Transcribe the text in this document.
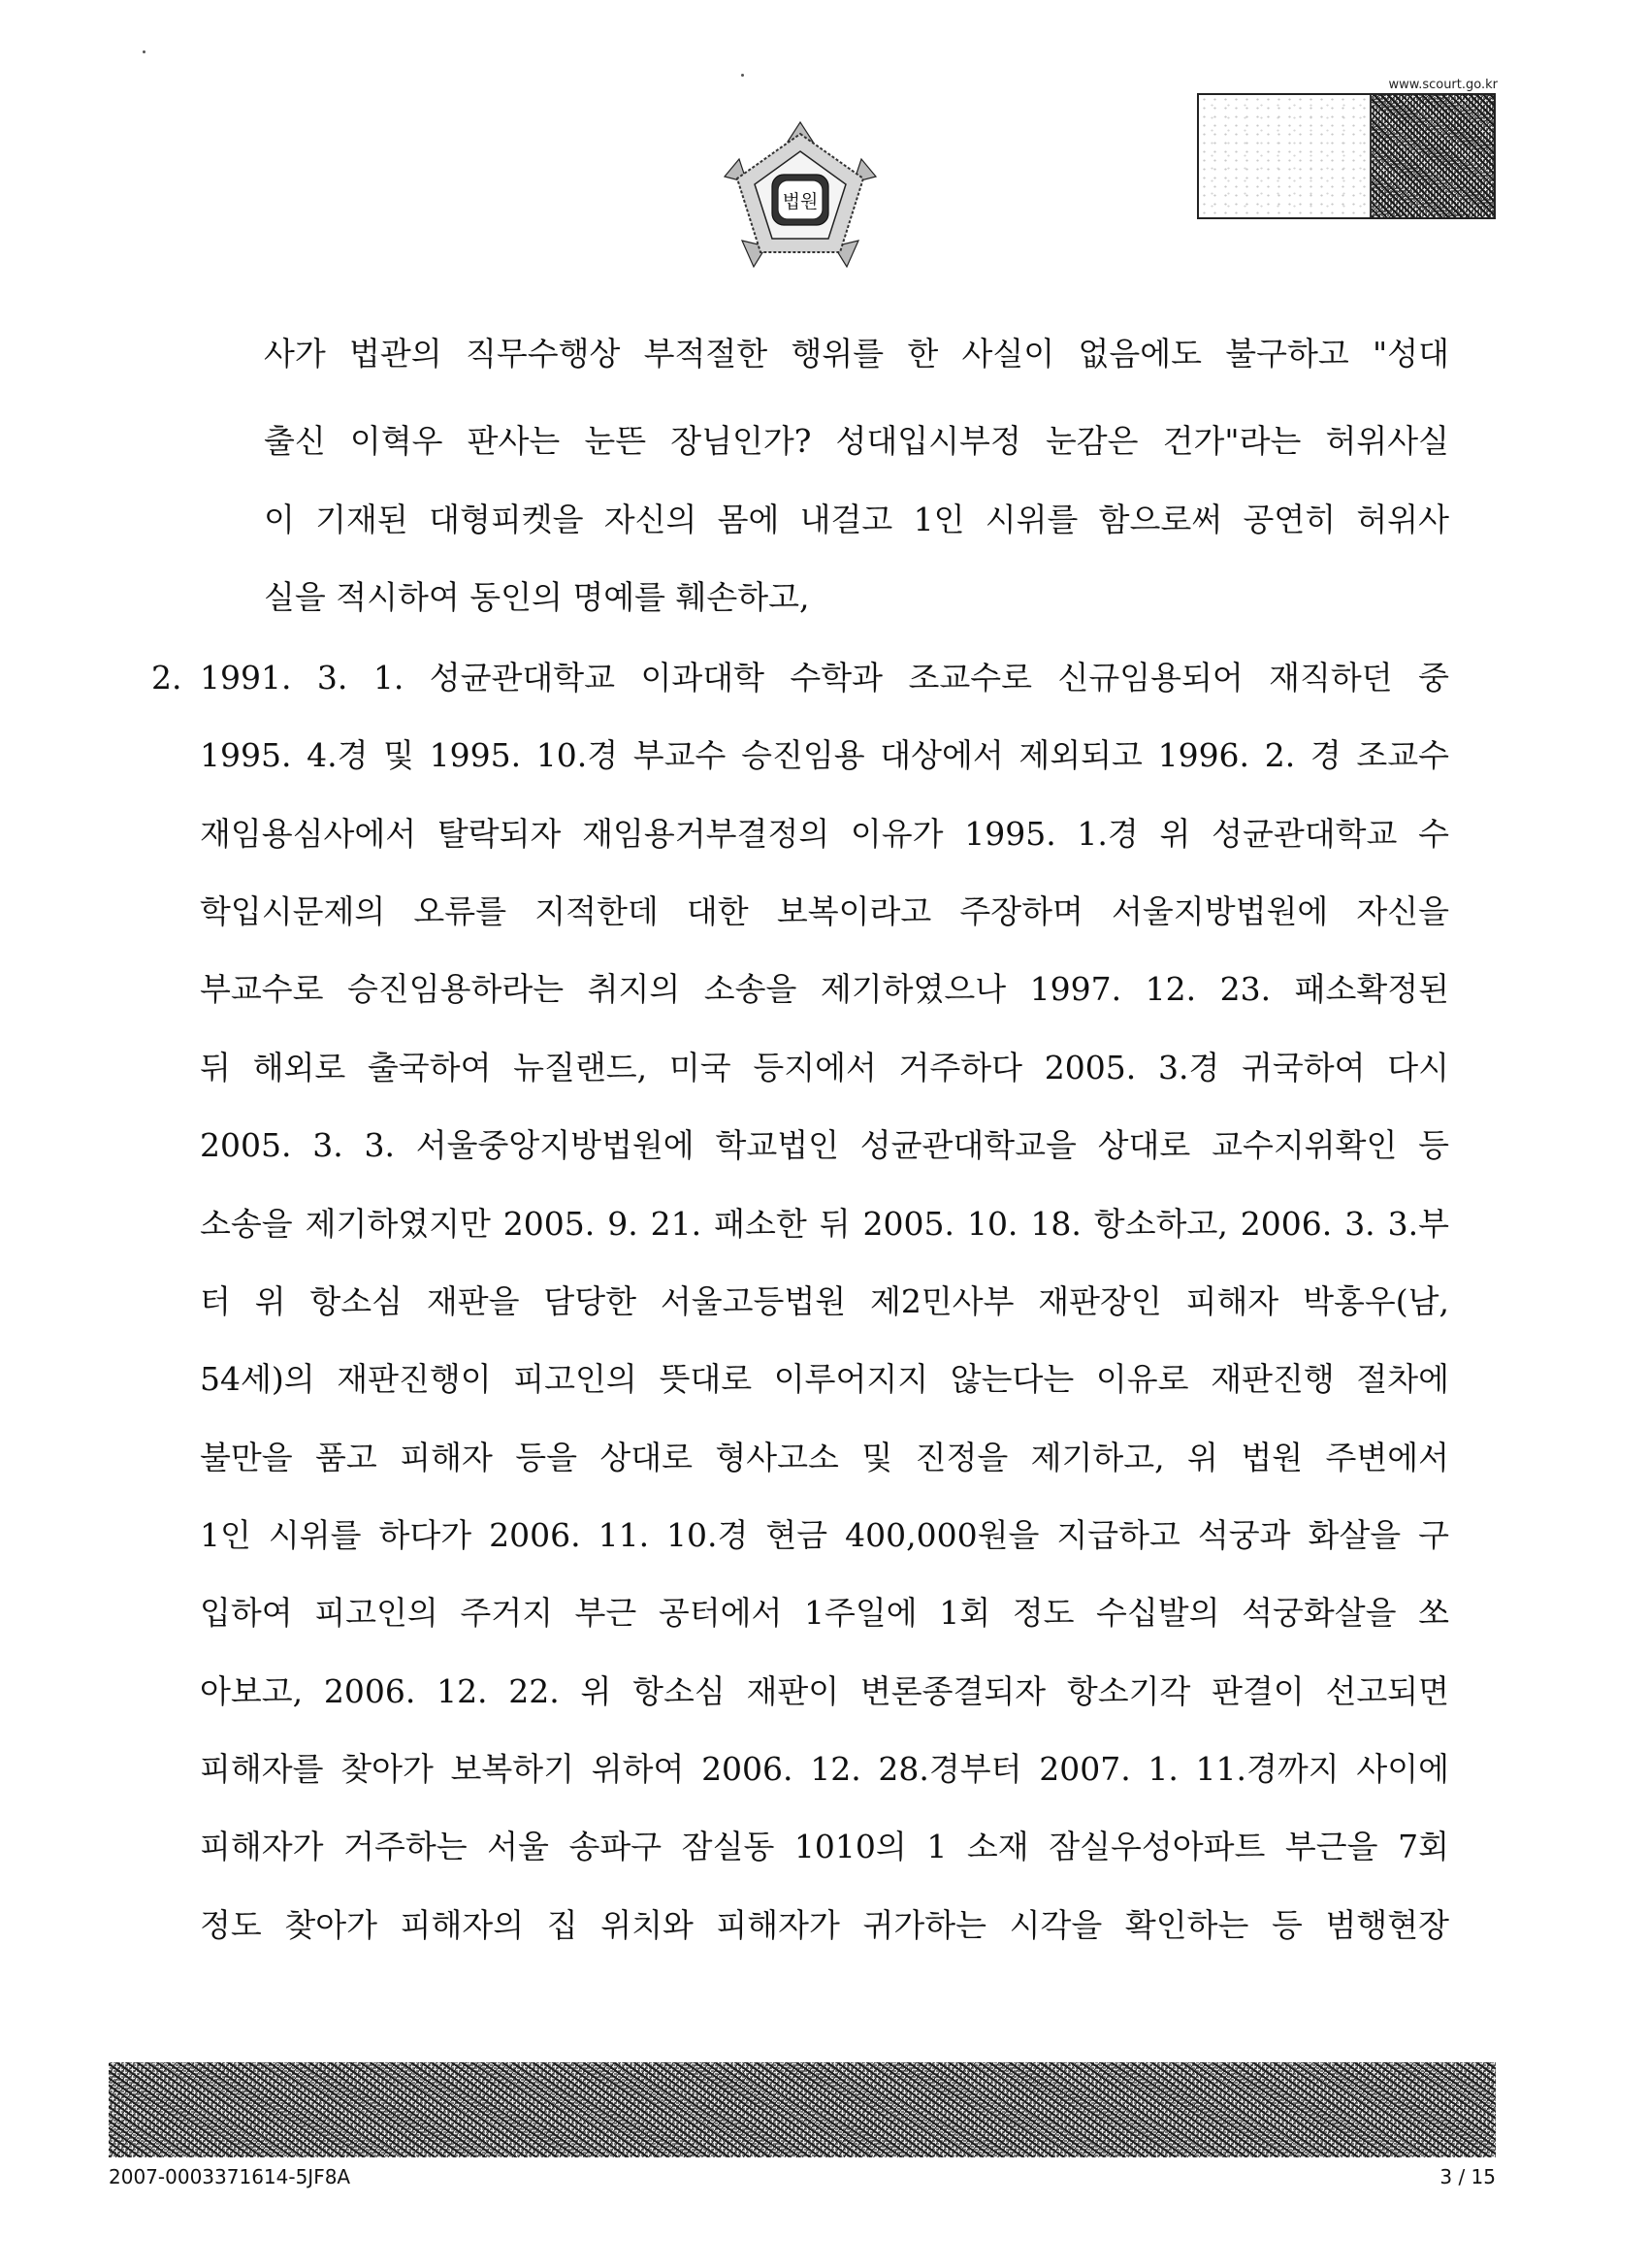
법원
www.scourt.go.kr
사가 법관의 직무수행상 부적절한 행위를 한 사실이 없음에도 불구하고 "성대
출신 이혁우 판사는 눈뜬 장님인가? 성대입시부정 눈감은 건가"라는 허위사실
이 기재된 대형피켓을 자신의 몸에 내걸고 1인 시위를 함으로써 공연히 허위사
실을 적시하여 동인의 명예를 훼손하고,
2. 1991. 3. 1. 성균관대학교 이과대학 수학과 조교수로 신규임용되어 재직하던 중
1995. 4.경 및 1995. 10.경 부교수 승진임용 대상에서 제외되고 1996. 2. 경 조교수
재임용심사에서 탈락되자 재임용거부결정의 이유가 1995. 1.경 위 성균관대학교 수
학입시문제의 오류를 지적한데 대한 보복이라고 주장하며 서울지방법원에 자신을
부교수로 승진임용하라는 취지의 소송을 제기하였으나 1997. 12. 23. 패소확정된
뒤 해외로 출국하여 뉴질랜드, 미국 등지에서 거주하다 2005. 3.경 귀국하여 다시
2005. 3. 3. 서울중앙지방법원에 학교법인 성균관대학교을 상대로 교수지위확인 등
소송을 제기하였지만 2005. 9. 21. 패소한 뒤 2005. 10. 18. 항소하고, 2006. 3. 3.부
터 위 항소심 재판을 담당한 서울고등법원 제2민사부 재판장인 피해자 박홍우(남,
54세)의 재판진행이 피고인의 뜻대로 이루어지지 않는다는 이유로 재판진행 절차에
불만을 품고 피해자 등을 상대로 형사고소 및 진정을 제기하고, 위 법원 주변에서
1인 시위를 하다가 2006. 11. 10.경 현금 400,000원을 지급하고 석궁과 화살을 구
입하여 피고인의 주거지 부근 공터에서 1주일에 1회 정도 수십발의 석궁화살을 쏘
아보고, 2006. 12. 22. 위 항소심 재판이 변론종결되자 항소기각 판결이 선고되면
피해자를 찾아가 보복하기 위하여 2006. 12. 28.경부터 2007. 1. 11.경까지 사이에
피해자가 거주하는 서울 송파구 잠실동 1010의 1 소재 잠실우성아파트 부근을 7회
정도 찾아가 피해자의 집 위치와 피해자가 귀가하는 시각을 확인하는 등 범행현장
2007-0003371614-5JF8A	3 / 15
